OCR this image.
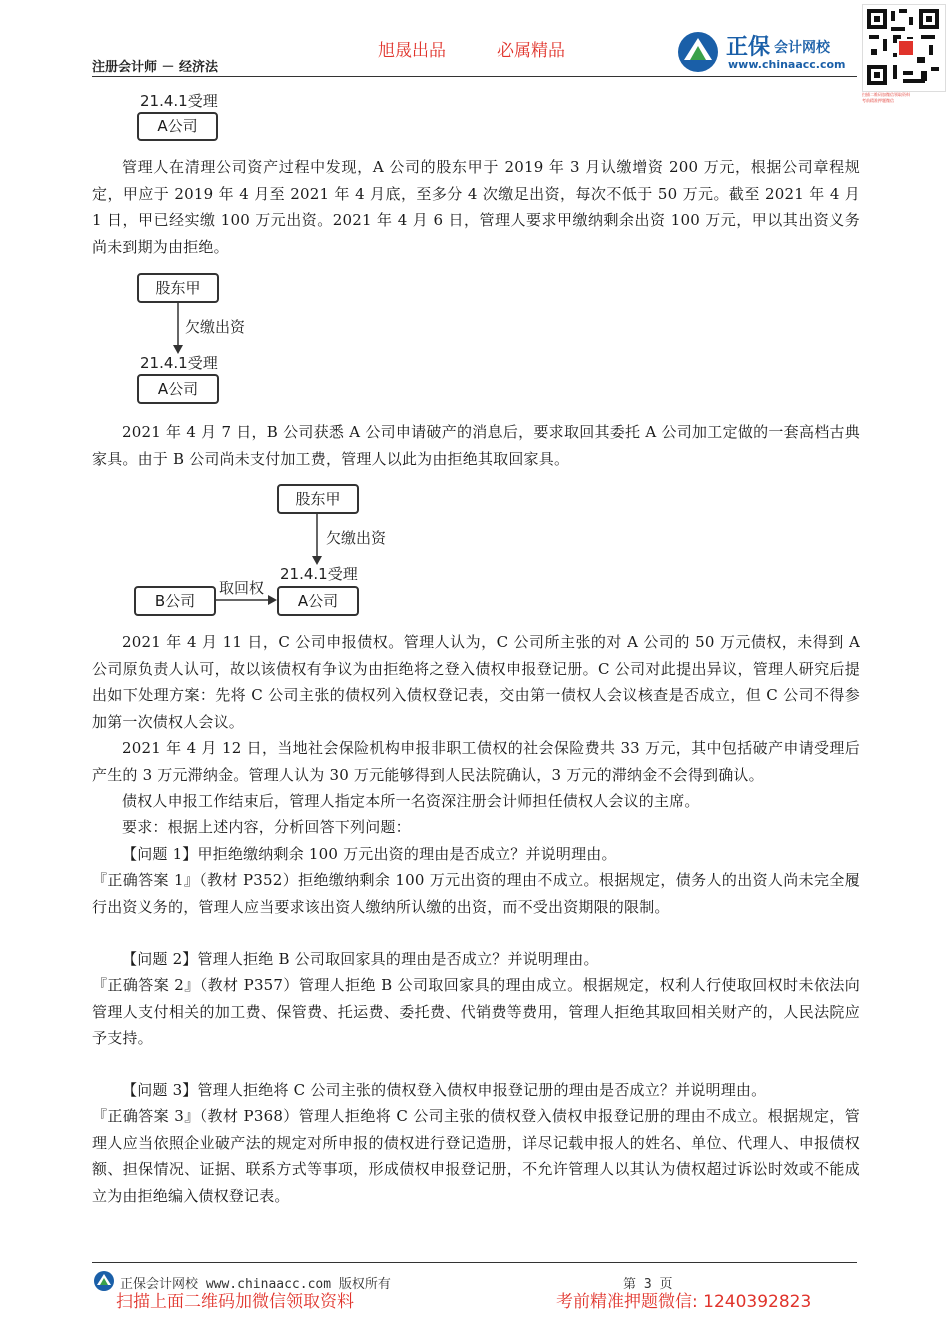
旭晟出品	必属精品
注册会计师 － 经济法
正保 会计网校
www.chinaacc.com
扫描二维码加微信领取资料
考前精准押题微信
21.4.1受理
A公司
管理人在清理公司资产过程中发现，A 公司的股东甲于 2019 年 3 月认缴增资 200 万元，根据公司章程规定，甲应于 2019 年 4 月至 2021 年 4 月底，至多分 4 次缴足出资，每次不低于 50 万元。截至 2021 年 4 月 1 日，甲已经实缴 100 万元出资。2021 年 4 月 6 日，管理人要求甲缴纳剩余出资 100 万元，甲以其出资义务尚未到期为由拒绝。
股东甲
欠缴出资
21.4.1受理
A公司
2021 年 4 月 7 日，B 公司获悉 A 公司申请破产的消息后，要求取回其委托 A 公司加工定做的一套高档古典家具。由于 B 公司尚未支付加工费，管理人以此为由拒绝其取回家具。
股东甲
欠缴出资
21.4.1受理
B公司
取回权
A公司
2021 年 4 月 11 日，C 公司申报债权。管理人认为，C 公司所主张的对 A 公司的 50 万元债权，未得到 A 公司原负责人认可，故以该债权有争议为由拒绝将之登入债权申报登记册。C 公司对此提出异议，管理人研究后提出如下处理方案：先将 C 公司主张的债权列入债权登记表，交由第一债权人会议核查是否成立，但 C 公司不得参加第一次债权人会议。
2021 年 4 月 12 日，当地社会保险机构申报非职工债权的社会保险费共 33 万元，其中包括破产申请受理后产生的 3 万元滞纳金。管理人认为 30 万元能够得到人民法院确认，3 万元的滞纳金不会得到确认。
债权人申报工作结束后，管理人指定本所一名资深注册会计师担任债权人会议的主席。
要求：根据上述内容，分析回答下列问题：
【问题 1】甲拒绝缴纳剩余 100 万元出资的理由是否成立？并说明理由。
『正确答案 1』（教材 P352）拒绝缴纳剩余 100 万元出资的理由不成立。根据规定，债务人的出资人尚未完全履行出资义务的，管理人应当要求该出资人缴纳所认缴的出资，而不受出资期限的限制。
【问题 2】管理人拒绝 B 公司取回家具的理由是否成立？并说明理由。
『正确答案 2』（教材 P357）管理人拒绝 B 公司取回家具的理由成立。根据规定，权利人行使取回权时未依法向管理人支付相关的加工费、保管费、托运费、委托费、代销费等费用，管理人拒绝其取回相关财产的，人民法院应予支持。
【问题 3】管理人拒绝将 C 公司主张的债权登入债权申报登记册的理由是否成立？并说明理由。
『正确答案 3』（教材 P368）管理人拒绝将 C 公司主张的债权登入债权申报登记册的理由不成立。根据规定，管理人应当依照企业破产法的规定对所申报的债权进行登记造册，详尽记载申报人的姓名、单位、代理人、申报债权额、担保情况、证据、联系方式等事项，形成债权申报登记册，不允许管理人以其认为债权超过诉讼时效或不能成立为由拒绝编入债权登记表。
正保会计网校 www.chinaacc.com 版权所有	第 3 页
扫描上面二维码加微信领取资料	考前精准押题微信: 1240392823
